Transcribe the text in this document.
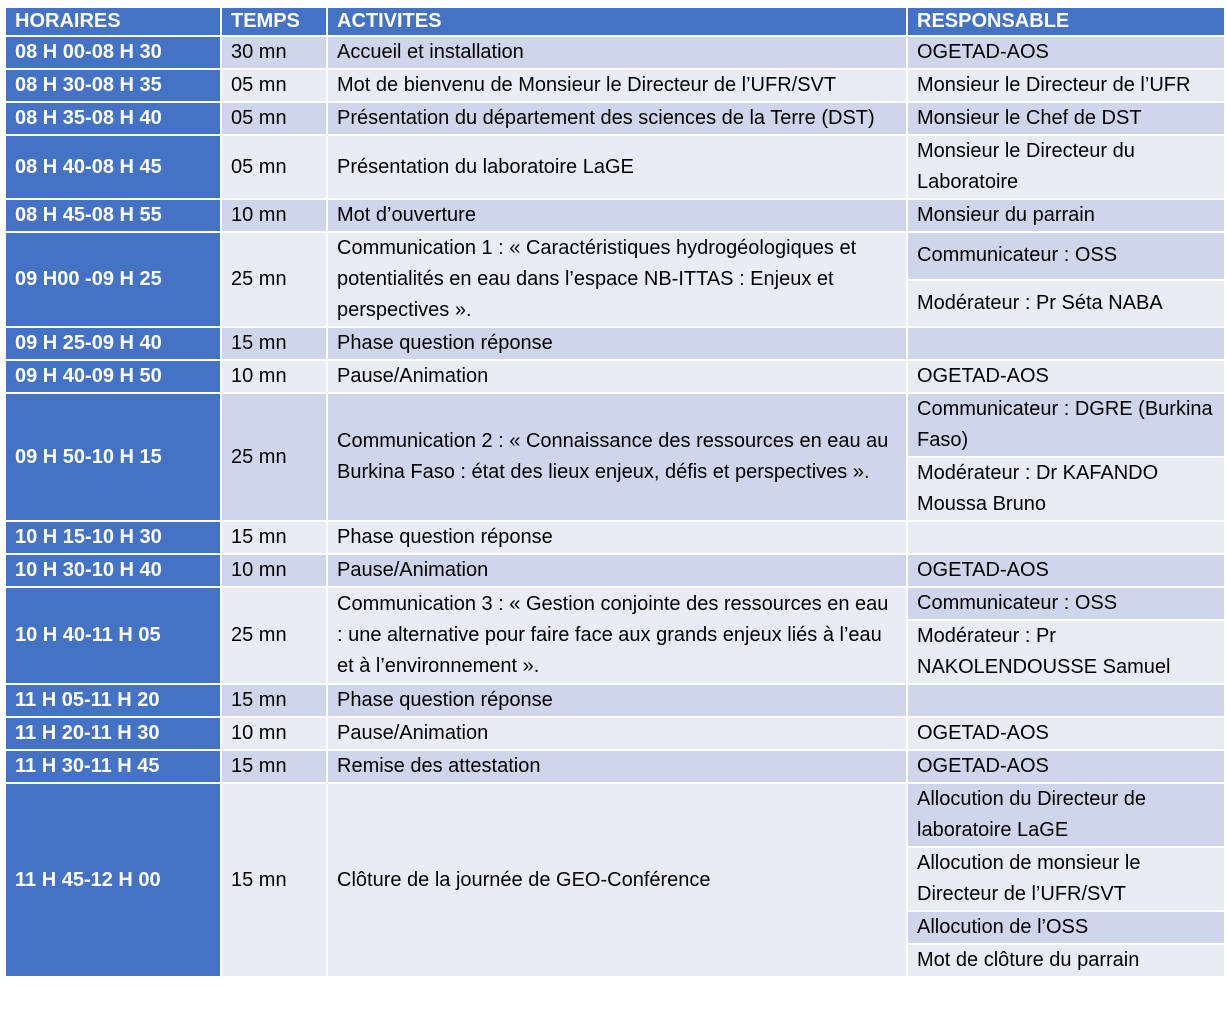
HORAIRES	TEMPS	ACTIVITES	RESPONSABLE
08 H 00-08 H 30	30 mn	Accueil et installation	OGETAD-AOS
08 H 30-08 H 35	05 mn	Mot de bienvenu de Monsieur le Directeur de l’UFR/SVT	Monsieur le Directeur de l’UFR
08 H 35-08 H 40	05 mn	Présentation du département des sciences de la Terre (DST)	Monsieur le Chef de DST
08 H 40-08 H 45	05 mn	Présentation du laboratoire LaGE	Monsieur le Directeur du Laboratoire
08 H 45-08 H 55	10 mn	Mot d’ouverture	Monsieur du parrain
09 H00 -09 H 25	25 mn	Communication 1 : « Caractéristiques hydrogéologiques et potentialités en eau dans l’espace NB-ITTAS : Enjeux et perspectives ».	Communicateur : OSS
			Modérateur : Pr Séta NABA
09 H 25-09 H 40	15 mn	Phase question réponse	
09 H 40-09 H 50	10 mn	Pause/Animation	OGETAD-AOS
09 H 50-10 H 15	25 mn	Communication 2 : « Connaissance des ressources en eau au Burkina Faso : état des lieux enjeux, défis et perspectives ».	Communicateur : DGRE (Burkina Faso)
			Modérateur : Dr KAFANDO Moussa Bruno
10 H 15-10 H 30	15 mn	Phase question réponse	
10 H 30-10 H 40	10 mn	Pause/Animation	OGETAD-AOS
10 H 40-11 H 05	25 mn	Communication 3 : « Gestion conjointe des ressources en eau : une alternative pour faire face aux grands enjeux liés à l’eau et à l’environnement ».	Communicateur : OSS
			Modérateur : Pr NAKOLENDOUSSE Samuel
11 H 05-11 H 20	15 mn	Phase question réponse	
11 H 20-11 H 30	10 mn	Pause/Animation	OGETAD-AOS
11 H 30-11 H 45	15 mn	Remise des attestation	OGETAD-AOS
11 H 45-12 H 00	15 mn	Clôture de la journée de GEO-Conférence	Allocution du Directeur de laboratoire LaGE
			Allocution de monsieur le Directeur de l’UFR/SVT
			Allocution de l’OSS
			Mot de clôture du parrain
